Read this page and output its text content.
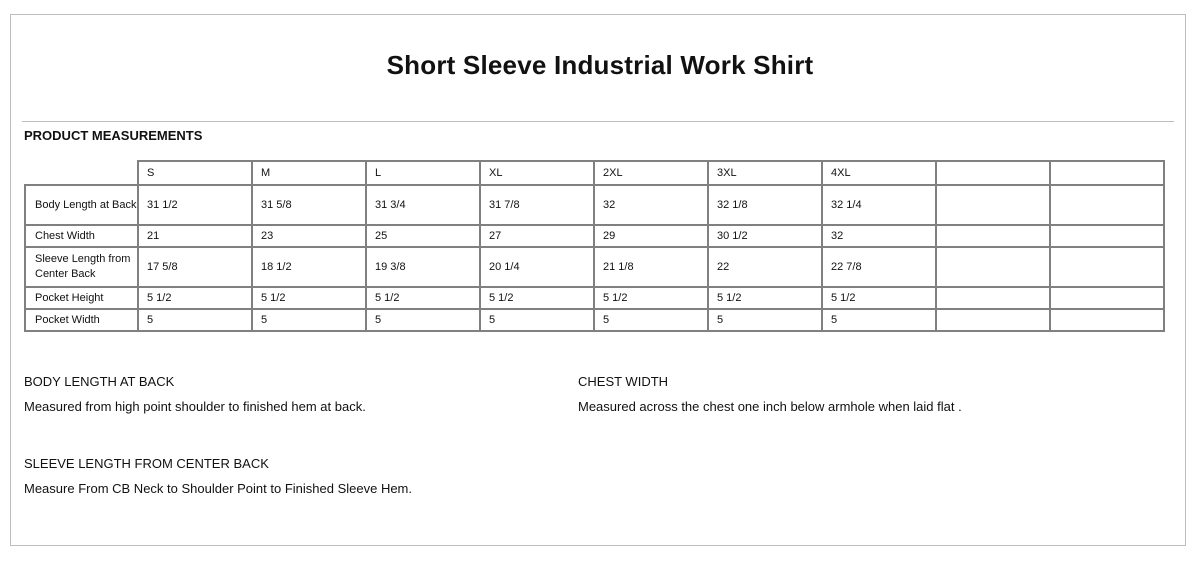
Short Sleeve Industrial Work Shirt
PRODUCT MEASUREMENTS
	S	M	L	XL	2XL	3XL	4XL		
Body Length at Back	31 1/2	31 5/8	31 3/4	31 7/8	32	32 1/8	32 1/4		
Chest Width	21	23	25	27	29	30 1/2	32		
Sleeve Length from Center Back	17 5/8	18 1/2	19 3/8	20 1/4	21 1/8	22	22 7/8		
Pocket Height	5 1/2	5 1/2	5 1/2	5 1/2	5 1/2	5 1/2	5 1/2		
Pocket Width	5	5	5	5	5	5	5		
BODY LENGTH AT BACK
Measured from high point shoulder to finished hem at back.
CHEST WIDTH
Measured across the chest one inch below armhole when laid flat .
SLEEVE LENGTH FROM CENTER BACK
Measure From CB Neck to Shoulder Point to Finished Sleeve Hem.
